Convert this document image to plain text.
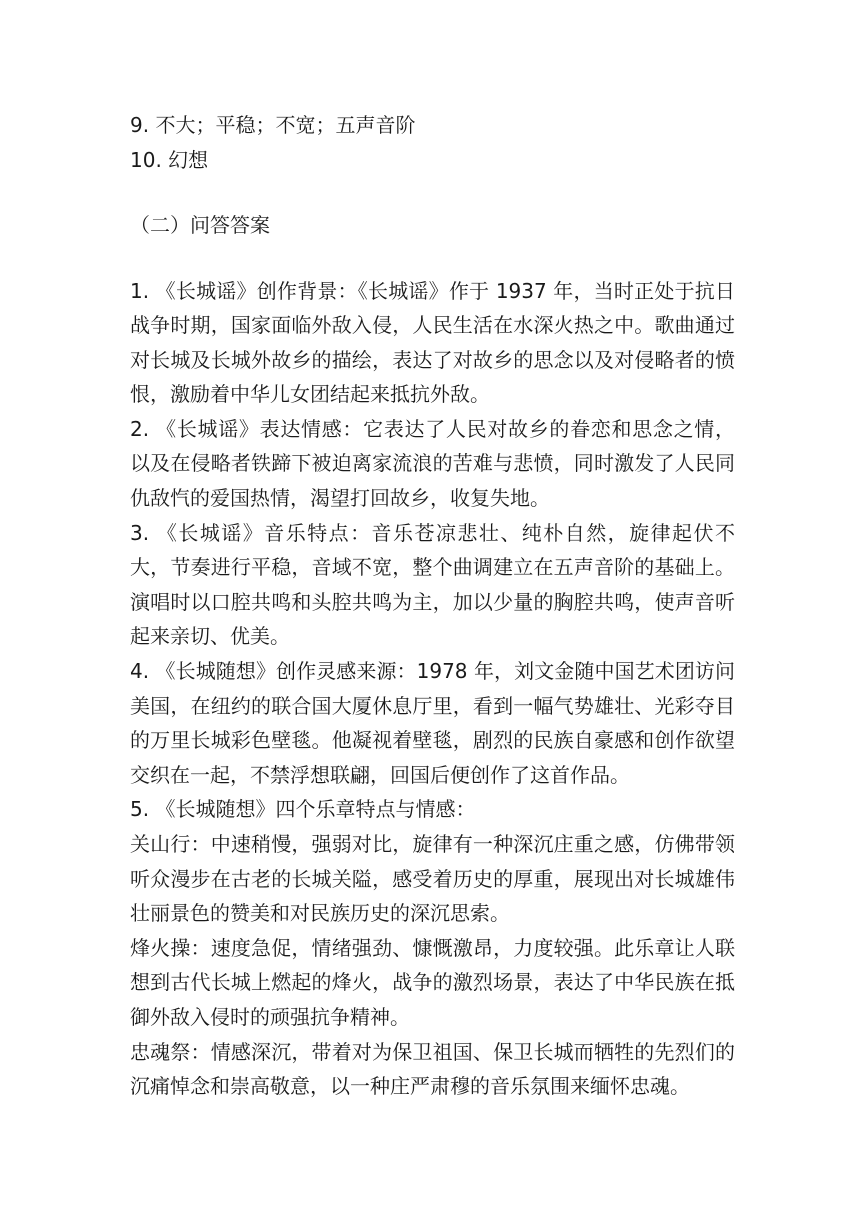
9. 不大；平稳；不宽；五声音阶
10. 幻想
（二）问答答案

1. 《长城谣》创作背景：《长城谣》作于 1937 年，当时正处于抗日战争时期，国家面临外敌入侵，人民生活在水深火热之中。歌曲通过对长城及长城外故乡的描绘，表达了对故乡的思念以及对侵略者的愤恨，激励着中华儿女团结起来抵抗外敌。

2. 《长城谣》表达情感：它表达了人民对故乡的眷恋和思念之情，以及在侵略者铁蹄下被迫离家流浪的苦难与悲愤，同时激发了人民同仇敌忾的爱国热情，渴望打回故乡，收复失地。

3. 《长城谣》音乐特点：音乐苍凉悲壮、纯朴自然，旋律起伏不大，节奏进行平稳，音域不宽，整个曲调建立在五声音阶的基础上。演唱时以口腔共鸣和头腔共鸣为主，加以少量的胸腔共鸣，使声音听起来亲切、优美。

4. 《长城随想》创作灵感来源：1978 年，刘文金随中国艺术团访问美国，在纽约的联合国大厦休息厅里，看到一幅气势雄壮、光彩夺目的万里长城彩色壁毯。他凝视着壁毯，剧烈的民族自豪感和创作欲望交织在一起，不禁浮想联翩，回国后便创作了这首作品。

5. 《长城随想》四个乐章特点与情感：

关山行：中速稍慢，强弱对比，旋律有一种深沉庄重之感，仿佛带领听众漫步在古老的长城关隘，感受着历史的厚重，展现出对长城雄伟壮丽景色的赞美和对民族历史的深沉思索。

烽火操：速度急促，情绪强劲、慷慨激昂，力度较强。此乐章让人联想到古代长城上燃起的烽火，战争的激烈场景，表达了中华民族在抵御外敌入侵时的顽强抗争精神。

忠魂祭：情感深沉，带着对为保卫祖国、保卫长城而牺牲的先烈们的沉痛悼念和崇高敬意，以一种庄严肃穆的音乐氛围来缅怀忠魂。
